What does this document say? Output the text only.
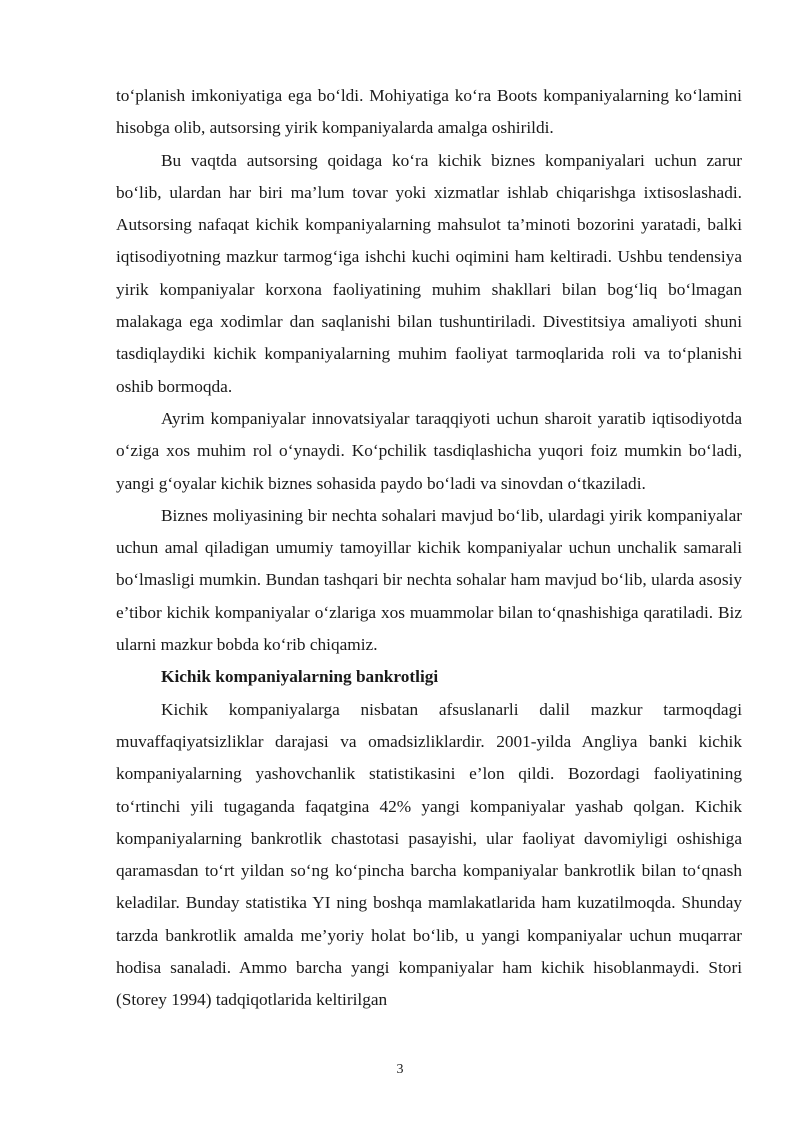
to‘planish imkoniyatiga ega bo‘ldi. Mohiyatiga ko‘ra Boots kompaniyalarning ko‘lamini hisobga olib, autsorsing yirik kompaniyalarda amalga oshirildi.

Bu vaqtda autsorsing qoidaga ko‘ra kichik biznes kompaniyalari uchun zarur bo‘lib, ulardan har biri ma’lum tovar yoki xizmatlar ishlab chiqarishga ixtisoslashadi. Autsorsing nafaqat kichik kompaniyalarning mahsulot ta’minoti bozorini yaratadi, balki iqtisodiyotning mazkur tarmog‘iga ishchi kuchi oqimini ham keltiradi. Ushbu tendensiya yirik kompaniyalar korxona faoliyatining muhim shakllari bilan bog‘liq bo‘lmagan malakaga ega xodimlar dan saqlanishi bilan tushuntiriladi. Divestitsiya amaliyoti shuni tasdiqlaydiki kichik kompaniyalarning muhim faoliyat tarmoqlarida roli va to‘planishi oshib bormoqda.

Ayrim kompaniyalar innovatsiyalar taraqqiyoti uchun sharoit yaratib iqtisodiyotda o‘ziga xos muhim rol o‘ynaydi. Ko‘pchilik tasdiqlashicha yuqori foiz mumkin bo‘ladi, yangi g‘oyalar kichik biznes sohasida paydo bo‘ladi va sinovdan o‘tkaziladi.

Biznes moliyasining bir nechta sohalari mavjud bo‘lib, ulardagi yirik kompaniyalar uchun amal qiladigan umumiy tamoyillar kichik kompaniyalar uchun unchalik samarali bo‘lmasligi mumkin. Bundan tashqari bir nechta sohalar ham mavjud bo‘lib, ularda asosiy e’tibor kichik kompaniyalar o‘zlariga xos muammolar bilan to‘qnashishiga qaratiladi. Biz ularni mazkur bobda ko‘rib chiqamiz.

Kichik kompaniyalarning bankrotligi

Kichik kompaniyalarga nisbatan afsuslanarli dalil mazkur tarmoqdagi muvaffaqiyatsizliklar darajasi va omadsizliklardir. 2001-yilda Angliya banki kichik kompaniyalarning yashovchanlik statistikasini e’lon qildi. Bozordagi faoliyatining to‘rtinchi yili tugaganda faqatgina 42% yangi kompaniyalar yashab qolgan. Kichik kompaniyalarning bankrotlik chastotasi pasayishi, ular faoliyat davomiyligi oshishiga qaramasdan to‘rt yildan so‘ng ko‘pincha barcha kompaniyalar bankrotlik bilan to‘qnash keladilar. Bunday statistika YI ning boshqa mamlakatlarida ham kuzatilmoqda. Shunday tarzda bankrotlik amalda me’yoriy holat bo‘lib, u yangi kompaniyalar uchun muqarrar hodisa sanaladi. Ammo barcha yangi kompaniyalar ham kichik hisoblanmaydi. Stori (Storey 1994) tadqiqotlarida keltirilgan

3
